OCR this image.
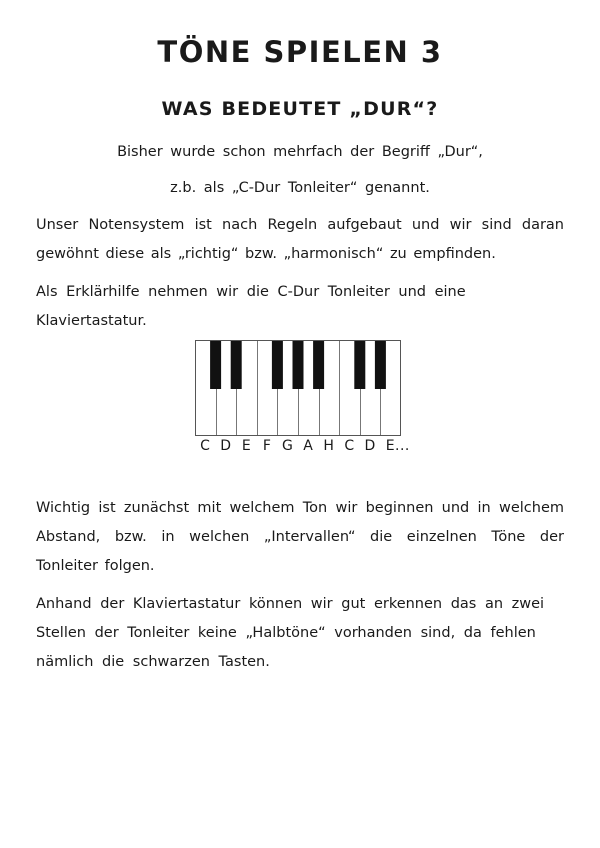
TÖNE SPIELEN 3
WAS BEDEUTET „DUR“?
Bisher wurde schon mehrfach der Begriff „Dur“,
z.b. als „C-Dur Tonleiter“ genannt.
Unser Notensystem ist nach Regeln aufgebaut und wir sind daran gewöhnt diese als „richtig“ bzw. „harmonisch“ zu empfinden.
Als Erklärhilfe nehmen wir die C-Dur Tonleiter und eine Klaviertastatur.
C D E F G A H C D E...
Wichtig ist zunächst mit welchem Ton wir beginnen und in welchem Abstand, bzw. in welchen „Intervallen“ die einzelnen Töne der Tonleiter folgen.
Anhand der Klaviertastatur können wir gut erkennen das an zwei Stellen der Tonleiter keine „Halbtöne“ vorhanden sind, da fehlen nämlich die schwarzen Tasten.
